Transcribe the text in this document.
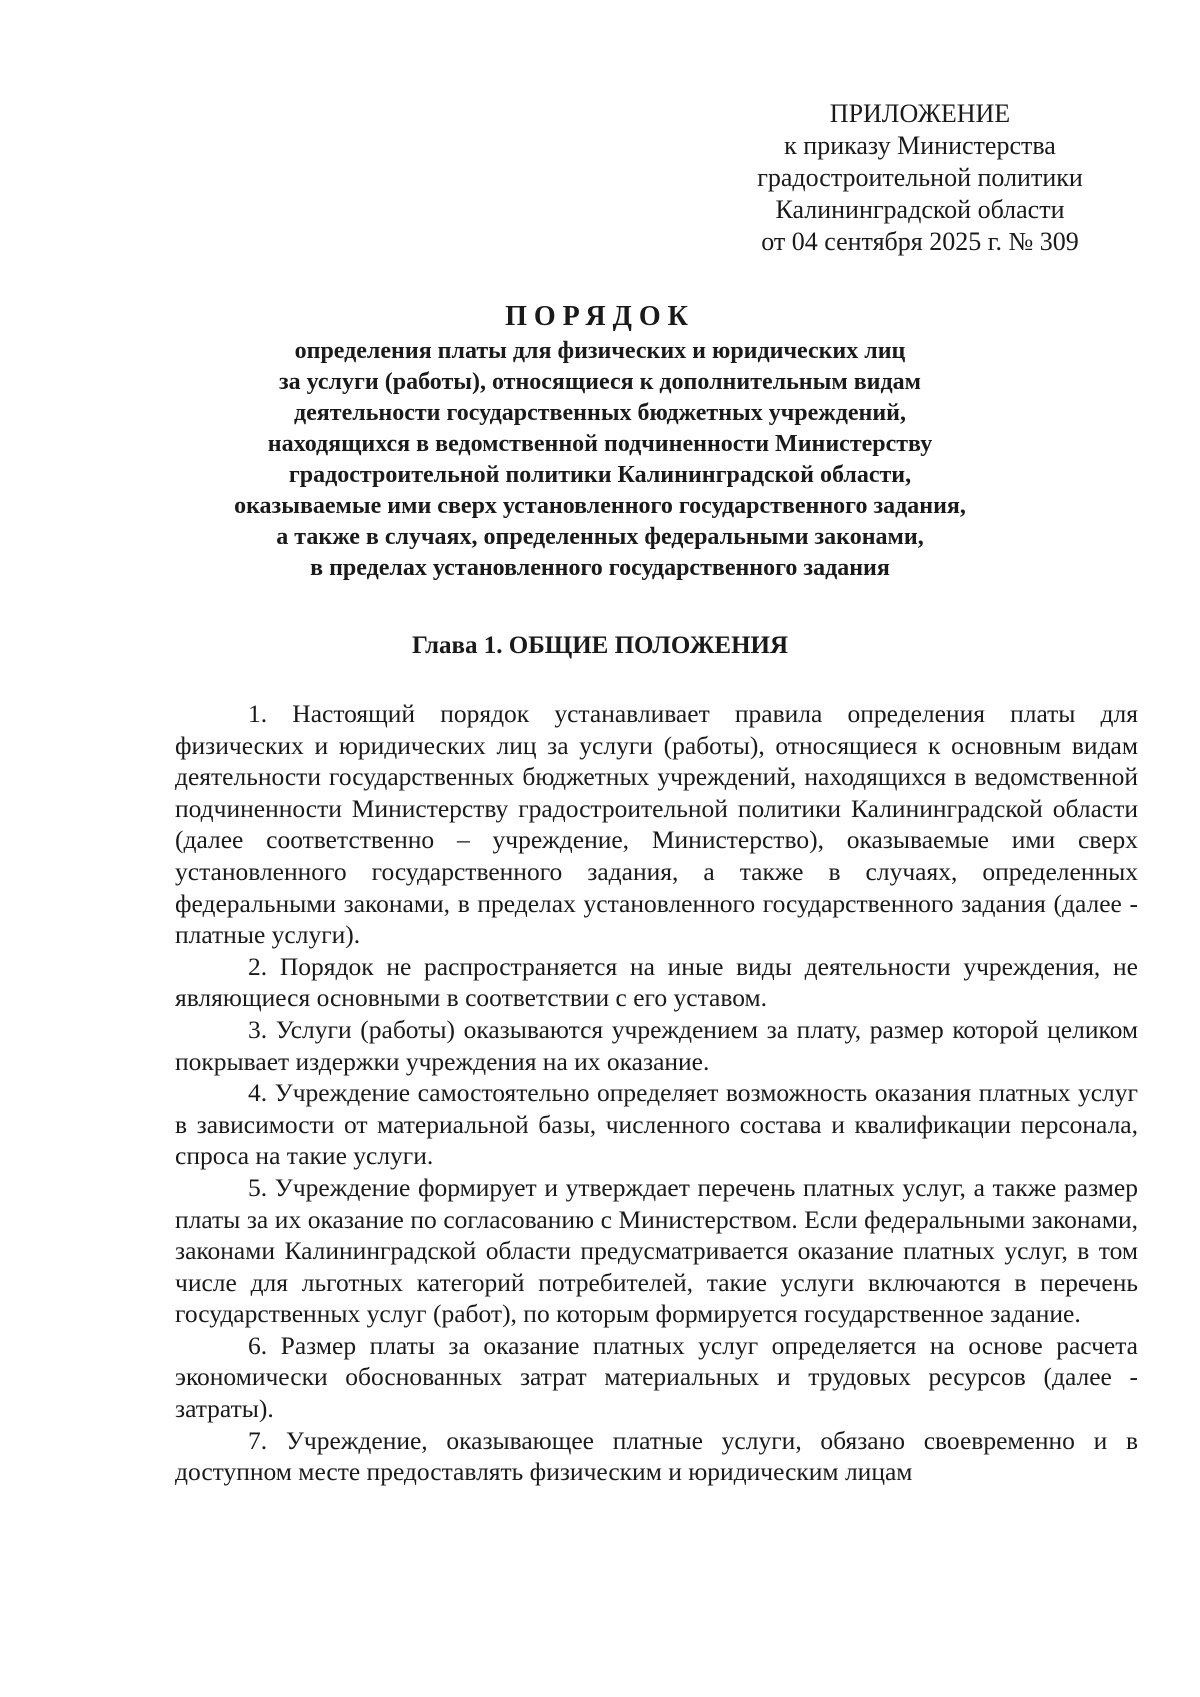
ПРИЛОЖЕНИЕ
к приказу Министерства
градостроительной политики
Калининградской области
от 04 сентября 2025 г. № 309
ПОРЯДОК
определения платы для физических и юридических лиц
за услуги (работы), относящиеся к дополнительным видам
деятельности государственных бюджетных учреждений,
находящихся в ведомственной подчиненности Министерству
градостроительной политики Калининградской области,
оказываемые ими сверх установленного государственного задания,
а также в случаях, определенных федеральными законами,
в пределах установленного государственного задания
Глава 1. ОБЩИЕ ПОЛОЖЕНИЯ

1. Настоящий порядок устанавливает правила определения платы для физических и юридических лиц за услуги (работы), относящиеся к основным видам деятельности государственных бюджетных учреждений, находящихся в ведомственной подчиненности Министерству градостроительной политики Калининградской области (далее соответственно – учреждение, Министерство), оказываемые ими сверх установленного государственного задания, а также в случаях, определенных федеральными законами, в пределах установленного государственного задания (далее - платные услуги).

2. Порядок не распространяется на иные виды деятельности учреждения, не являющиеся основными в соответствии с его уставом.

3. Услуги (работы) оказываются учреждением за плату, размер которой целиком покрывает издержки учреждения на их оказание.

4. Учреждение самостоятельно определяет возможность оказания платных услуг в зависимости от материальной базы, численного состава и квалификации персонала, спроса на такие услуги.

5. Учреждение формирует и утверждает перечень платных услуг, а также размер платы за их оказание по согласованию с Министерством. Если федеральными законами, законами Калининградской области предусматривается оказание платных услуг, в том числе для льготных категорий потребителей, такие услуги включаются в перечень государственных услуг (работ), по которым формируется государственное задание.

6. Размер платы за оказание платных услуг определяется на основе расчета экономически обоснованных затрат материальных и трудовых ресурсов (далее - затраты).

7. Учреждение, оказывающее платные услуги, обязано своевременно и в доступном месте предоставлять физическим и юридическим лицам
